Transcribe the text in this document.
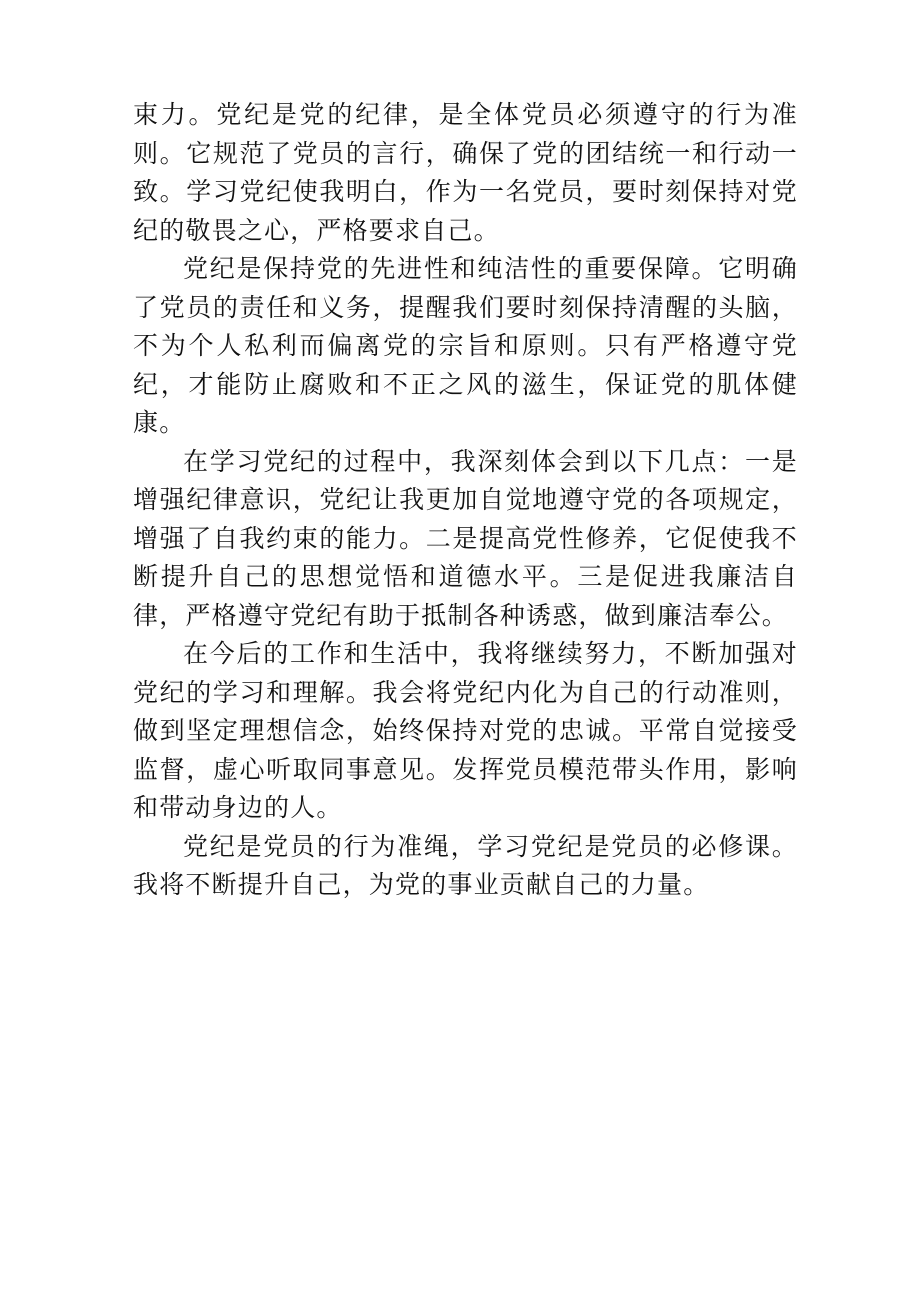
束力。党纪是党的纪律，是全体党员必须遵守的行为准则。它规范了党员的言行，确保了党的团结统一和行动一致。学习党纪使我明白，作为一名党员，要时刻保持对党纪的敬畏之心，严格要求自己。

党纪是保持党的先进性和纯洁性的重要保障。它明确了党员的责任和义务，提醒我们要时刻保持清醒的头脑，不为个人私利而偏离党的宗旨和原则。只有严格遵守党纪，才能防止腐败和不正之风的滋生，保证党的肌体健康。

在学习党纪的过程中，我深刻体会到以下几点：一是增强纪律意识，党纪让我更加自觉地遵守党的各项规定，增强了自我约束的能力。二是提高党性修养，它促使我不断提升自己的思想觉悟和道德水平。三是促进我廉洁自律，严格遵守党纪有助于抵制各种诱惑，做到廉洁奉公。

在今后的工作和生活中，我将继续努力，不断加强对党纪的学习和理解。我会将党纪内化为自己的行动准则，做到坚定理想信念，始终保持对党的忠诚。平常自觉接受监督，虚心听取同事意见。发挥党员模范带头作用，影响和带动身边的人。

党纪是党员的行为准绳，学习党纪是党员的必修课。我将不断提升自己，为党的事业贡献自己的力量。
